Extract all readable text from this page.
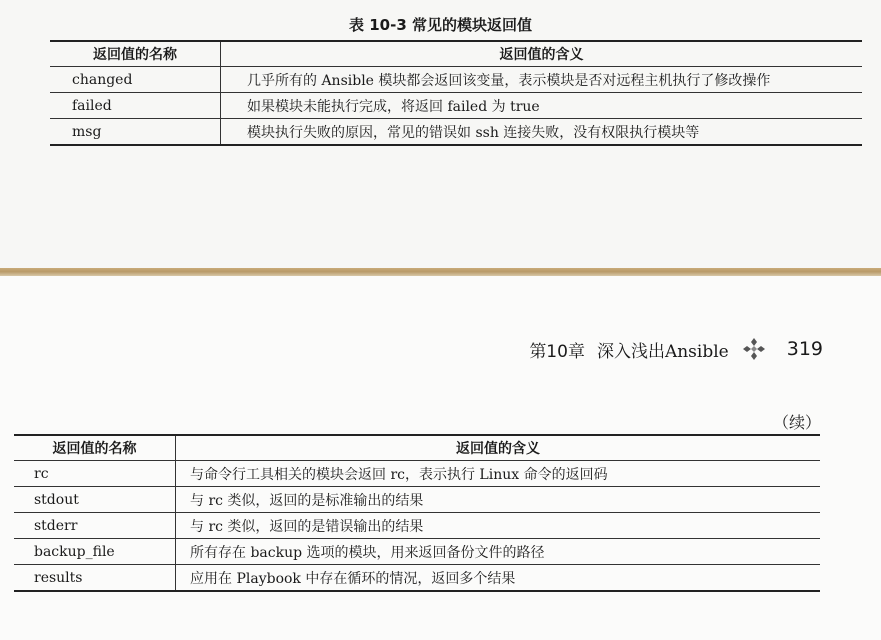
表 10-3 常见的模块返回值
返回值的名称	返回值的含义
changed	几乎所有的 Ansible 模块都会返回该变量，表示模块是否对远程主机执行了修改操作
failed	如果模块未能执行完成，将返回 failed 为 true
msg	模块执行失败的原因，常见的错误如 ssh 连接失败，没有权限执行模块等
第10章 深入浅出Ansible	319
（续）
返回值的名称	返回值的含义
rc	与命令行工具相关的模块会返回 rc，表示执行 Linux 命令的返回码
stdout	与 rc 类似，返回的是标准输出的结果
stderr	与 rc 类似，返回的是错误输出的结果
backup_file	所有存在 backup 选项的模块，用来返回备份文件的路径
results	应用在 Playbook 中存在循环的情况，返回多个结果
